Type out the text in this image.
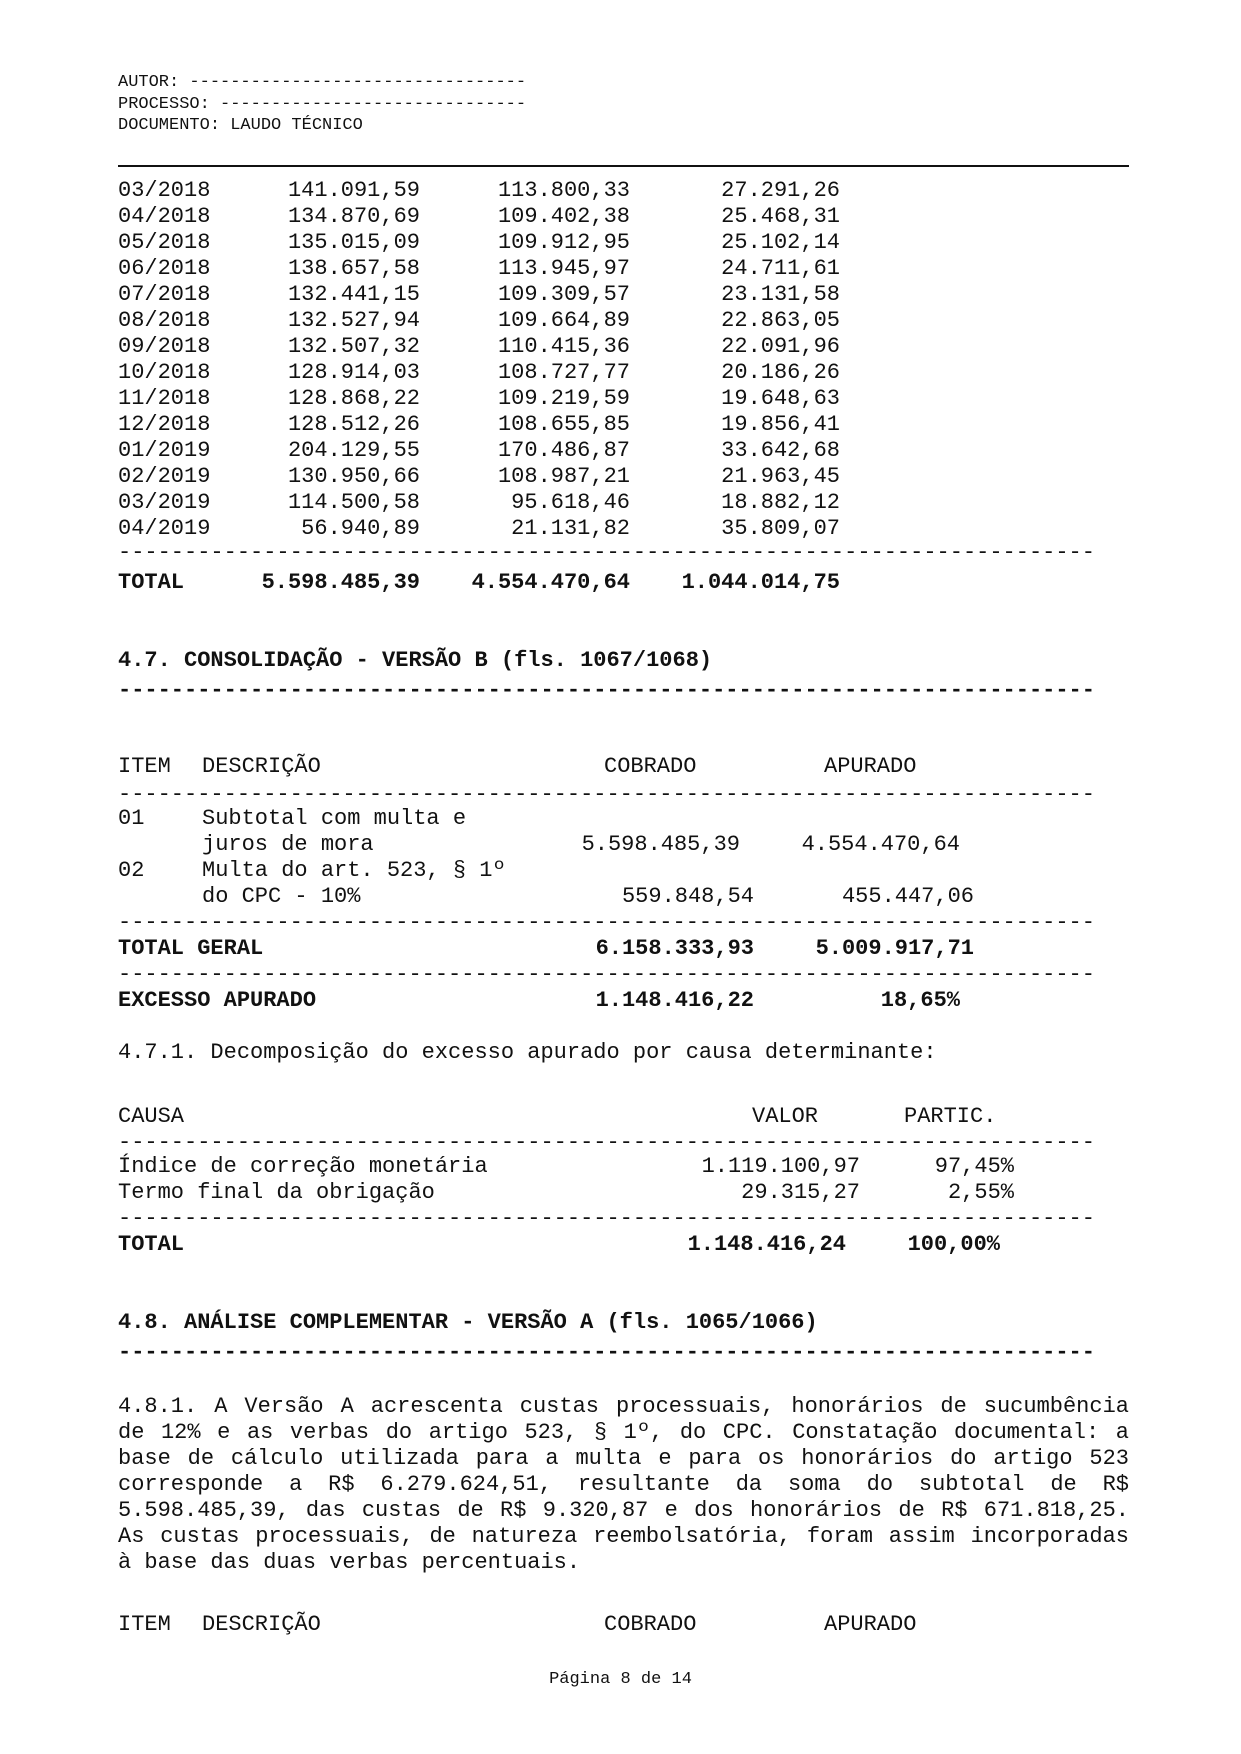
AUTOR: ---------------------------------
PROCESSO: ------------------------------
DOCUMENTO: LAUDO TÉCNICO
03/2018	141.091,59	113.800,33	27.291,26
04/2018	134.870,69	109.402,38	25.468,31
05/2018	135.015,09	109.912,95	25.102,14
06/2018	138.657,58	113.945,97	24.711,61
07/2018	132.441,15	109.309,57	23.131,58
08/2018	132.527,94	109.664,89	22.863,05
09/2018	132.507,32	110.415,36	22.091,96
10/2018	128.914,03	108.727,77	20.186,26
11/2018	128.868,22	109.219,59	19.648,63
12/2018	128.512,26	108.655,85	19.856,41
01/2019	204.129,55	170.486,87	33.642,68
02/2019	130.950,66	108.987,21	21.963,45
03/2019	114.500,58	95.618,46	18.882,12
04/2019	56.940,89	21.131,82	35.809,07
--------------------------------------------------------------------------
TOTAL	5.598.485,39	4.554.470,64	1.044.014,75
4.7. CONSOLIDAÇÃO - VERSÃO B (fls. 1067/1068)
--------------------------------------------------------------------------
ITEM DESCRIÇÃO	COBRADO	APURADO
--------------------------------------------------------------------------
01	Subtotal com multa e
juros de mora	5.598.485,39	4.554.470,64
02	Multa do art. 523, § 1º
do CPC - 10%	559.848,54	455.447,06
--------------------------------------------------------------------------
TOTAL GERAL	6.158.333,93	5.009.917,71
--------------------------------------------------------------------------
EXCESSO APURADO	1.148.416,22	18,65%
4.7.1. Decomposição do excesso apurado por causa determinante:
CAUSA	VALOR	PARTIC.
--------------------------------------------------------------------------
Índice de correção monetária	1.119.100,97	97,45%
Termo final da obrigação	29.315,27	2,55%
--------------------------------------------------------------------------
TOTAL	1.148.416,24	100,00%
4.8. ANÁLISE COMPLEMENTAR - VERSÃO A (fls. 1065/1066)
--------------------------------------------------------------------------
4.8.1. A Versão A acrescenta custas processuais, honorários de sucumbência de 12% e as verbas do artigo 523, § 1º, do CPC. Constatação documental: a base de cálculo utilizada para a multa e para os honorários do artigo 523 corresponde a R$ 6.279.624,51, resultante da soma do subtotal de R$ 5.598.485,39, das custas de R$ 9.320,87 e dos honorários de R$ 671.818,25. As custas processuais, de natureza reembolsatória, foram assim incorporadas à base das duas verbas percentuais.
ITEM DESCRIÇÃO	COBRADO	APURADO
Página 8 de 14
